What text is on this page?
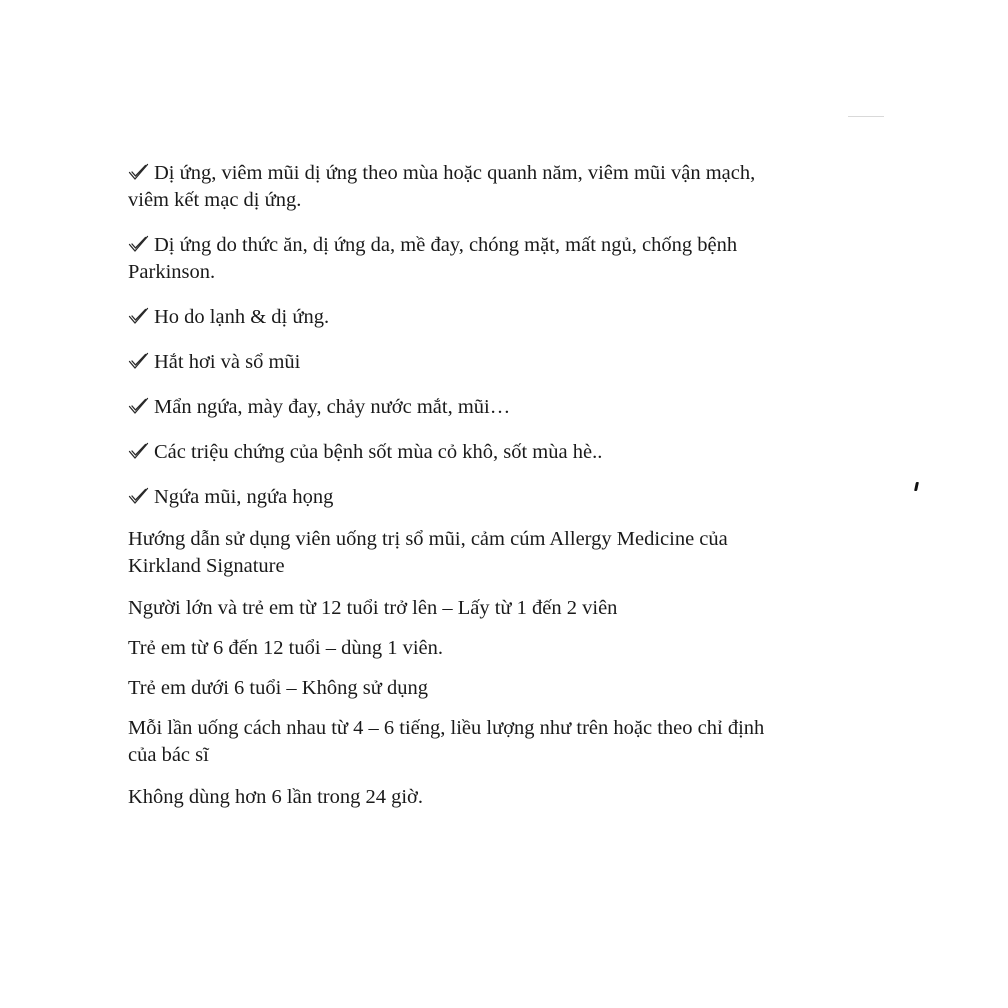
Dị ứng, viêm mũi dị ứng theo mùa hoặc quanh năm, viêm mũi vận mạch, viêm kết mạc dị ứng.

Dị ứng do thức ăn, dị ứng da, mề đay, chóng mặt, mất ngủ, chống bệnh Parkinson.

Ho do lạnh & dị ứng.

Hắt hơi và sổ mũi

Mẩn ngứa, mày đay, chảy nước mắt, mũi…

Các triệu chứng của bệnh sốt mùa cỏ khô, sốt mùa hè..

Ngứa mũi, ngứa họng

Hướng dẫn sử dụng viên uống trị sổ mũi, cảm cúm Allergy Medicine của Kirkland Signature

Người lớn và trẻ em từ 12 tuổi trở lên – Lấy từ 1 đến 2 viên

Trẻ em từ 6 đến 12 tuổi – dùng 1 viên.

Trẻ em dưới 6 tuổi – Không sử dụng

Mỗi lần uống cách nhau từ 4 – 6 tiếng, liều lượng như trên hoặc theo chỉ định của bác sĩ

Không dùng hơn 6 lần trong 24 giờ.
